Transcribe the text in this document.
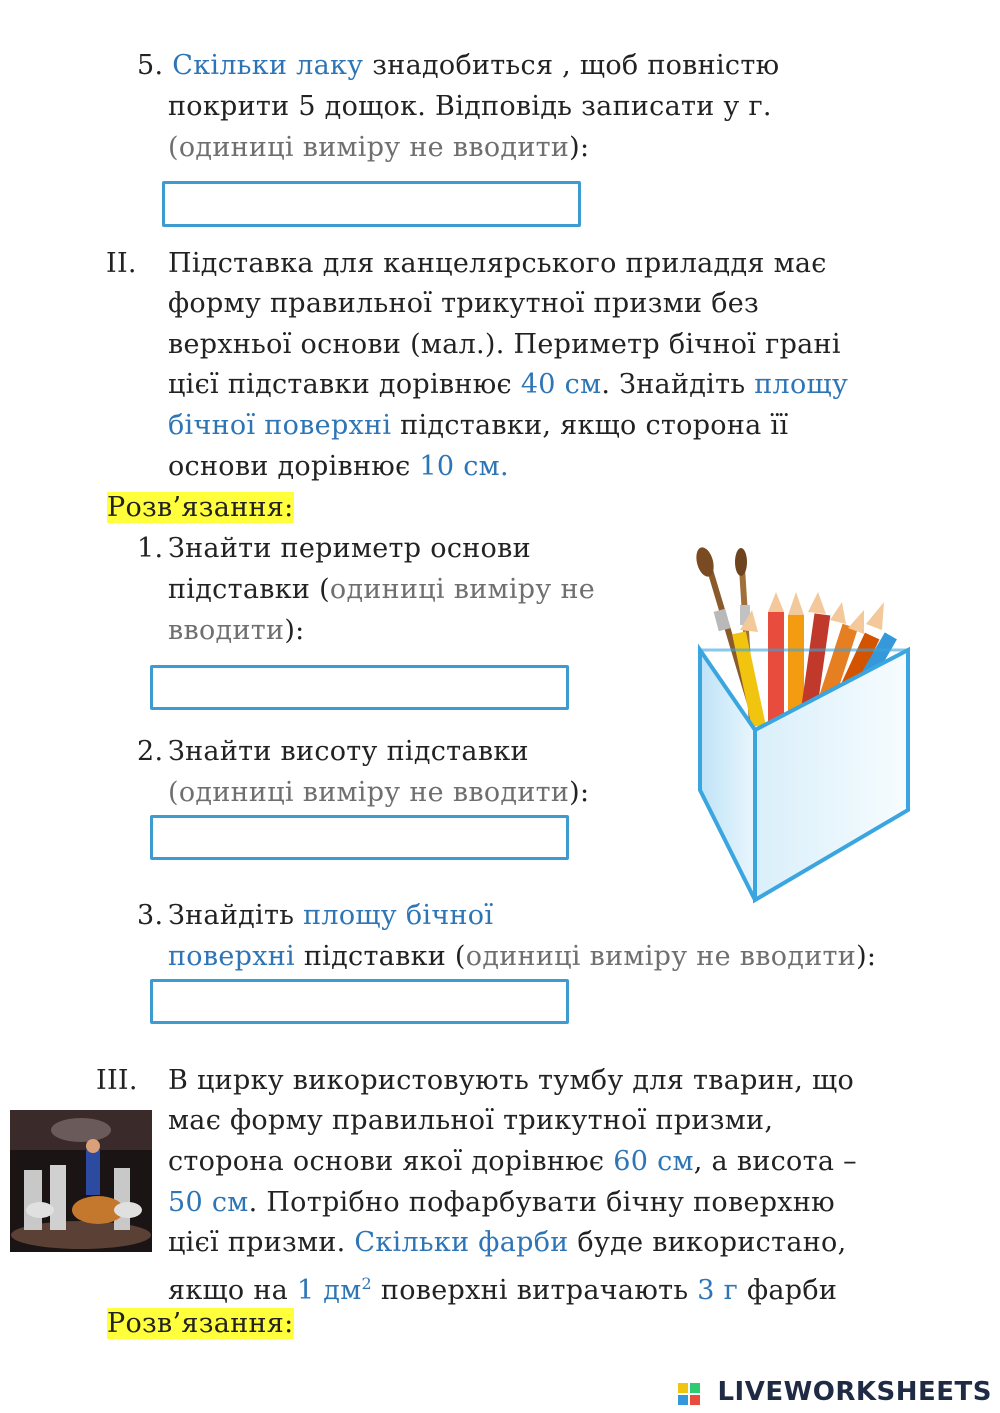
5. Скільки лаку знадобиться , щоб повністю
покрити 5 дощок. Відповідь записати у г.
(одиниці виміру не вводити):
II. Підставка для канцелярського приладдя має
форму правильної трикутної призми без
верхньої основи (мал.). Периметр бічної грані
цієї підставки дорівнює 40 см. Знайдіть площу
бічної поверхні підставки, якщо сторона її
основи дорівнює 10 см.
Розв’язання:
1. Знайти периметр основи
підставки (одиниці виміру не
вводити):
2. Знайти висоту підставки
(одиниці виміру не вводити):
3. Знайдіть площу бічної
поверхні підставки (одиниці виміру не вводити):
III. В цирку використовують тумбу для тварин, що
має форму правильної трикутної призми,
сторона основи якої дорівнює 60 см, а висота –
50 см. Потрібно пофарбувати бічну поверхню
цієї призми. Скільки фарби буде використано,
якщо на 1 $дм^2$ поверхні витрачають 3 г фарби
Розв’язання:
LIVEWORKSHEETS
